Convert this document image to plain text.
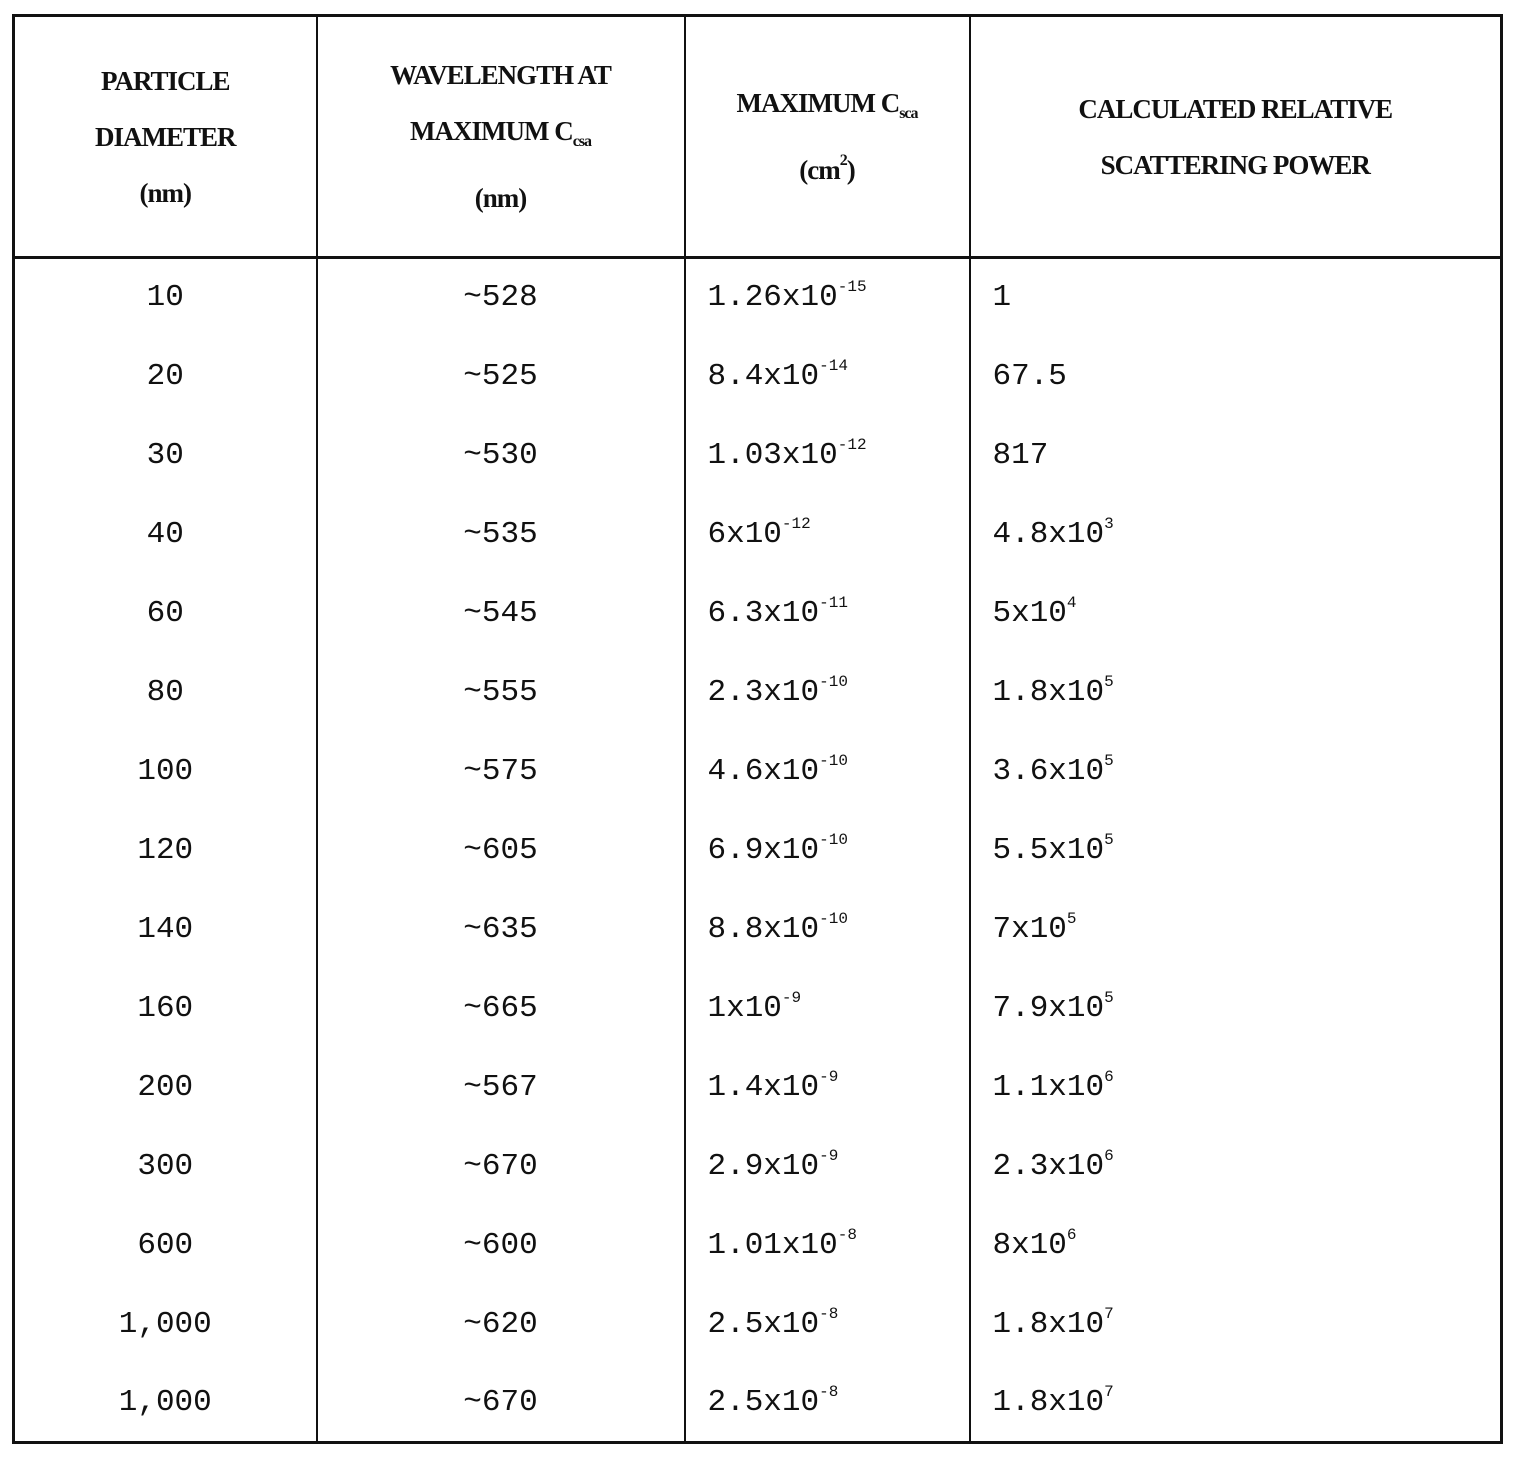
PARTICLE
DIAMETER
(nm)

WAVELENGTH AT
MAXIMUM Ccsa
(nm)

MAXIMUM Csca
(cm2)

CALCULATED RELATIVE
SCATTERING POWER

10	~528	1.26x10-15	1
20	~525	8.4x10-14	67.5
30	~530	1.03x10-12	817
40	~535	6x10-12	4.8x103
60	~545	6.3x10-11	5x104
80	~555	2.3x10-10	1.8x105
100	~575	4.6x10-10	3.6x105
120	~605	6.9x10-10	5.5x105
140	~635	8.8x10-10	7x105
160	~665	1x10-9	7.9x105
200	~567	1.4x10-9	1.1x106
300	~670	2.9x10-9	2.3x106
600	~600	1.01x10-8	8x106
1,000	~620	2.5x10-8	1.8x107
1,000	~670	2.5x10-8	1.8x107
